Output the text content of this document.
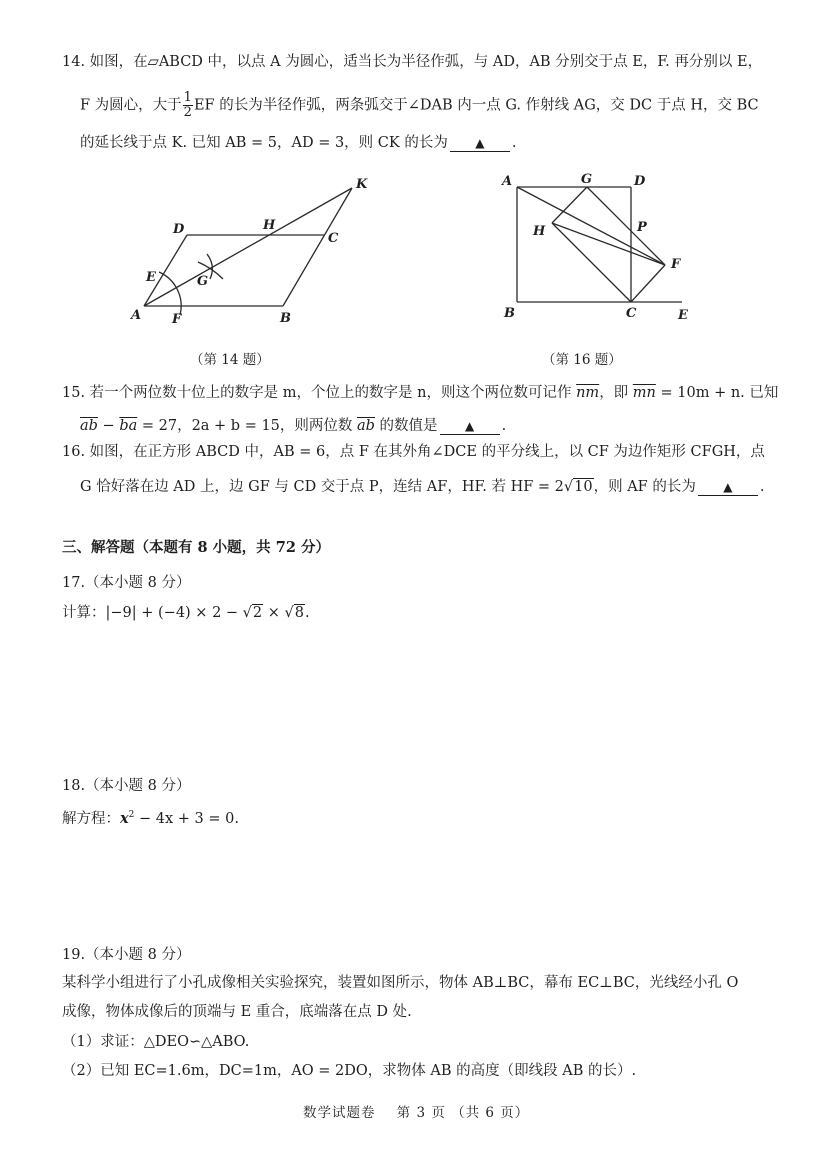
14. 如图，在▱ABCD 中，以点 A 为圆心，适当长为半径作弧，与 AD，AB 分别交于点 E，F. 再分别以 E，
F 为圆心，大于 $\frac{1}{2}$ EF 的长为半径作弧，两条弧交于∠DAB 内一点 G. 作射线 AG，交 DC 于点 H，交 BC
的延长线于点 K. 已知 AB = 5，AD = 3，则 CK 的长为 ▲ .
D	H
C
K
E	G
A F	B
（第 14 题）
A	G	D
H	P
F
B	C	E
（第 16 题）
15. 若一个两位数十位上的数字是 m，个位上的数字是 n，则这个两位数可记作 $\overline{nm}$，即 $\overline{mn} = 10m + n$. 已知
$\overline{ab} - \overline{ba} = 27$，2a + b = 15，则两位数 $\overline{ab}$ 的数值是 ▲ .
16. 如图，在正方形 ABCD 中，AB = 6，点 F 在其外角∠DCE 的平分线上，以 CF 为边作矩形 CFGH，点
G 恰好落在边 AD 上，边 GF 与 CD 交于点 P，连结 AF，HF. 若 HF = 2√10，则 AF 的长为 ▲ .
三、解答题（本题有 8 小题，共 72 分）
17.（本小题 8 分）
计算：|−9| + (−4) × 2 − √2 × √8.
18.（本小题 8 分）
解方程：$x^2 - 4x + 3 = 0$.
19.（本小题 8 分）
某科学小组进行了小孔成像相关实验探究，装置如图所示，物体 AB⊥BC，幕布 EC⊥BC，光线经小孔 O
成像，物体成像后的顶端与 E 重合，底端落在点 D 处.
（1）求证：△DEO∽△ABO.
（2）已知 EC=1.6m，DC=1m，AO = 2DO，求物体 AB 的高度（即线段 AB 的长）.
数学试题卷 第 3 页 （共 6 页）
